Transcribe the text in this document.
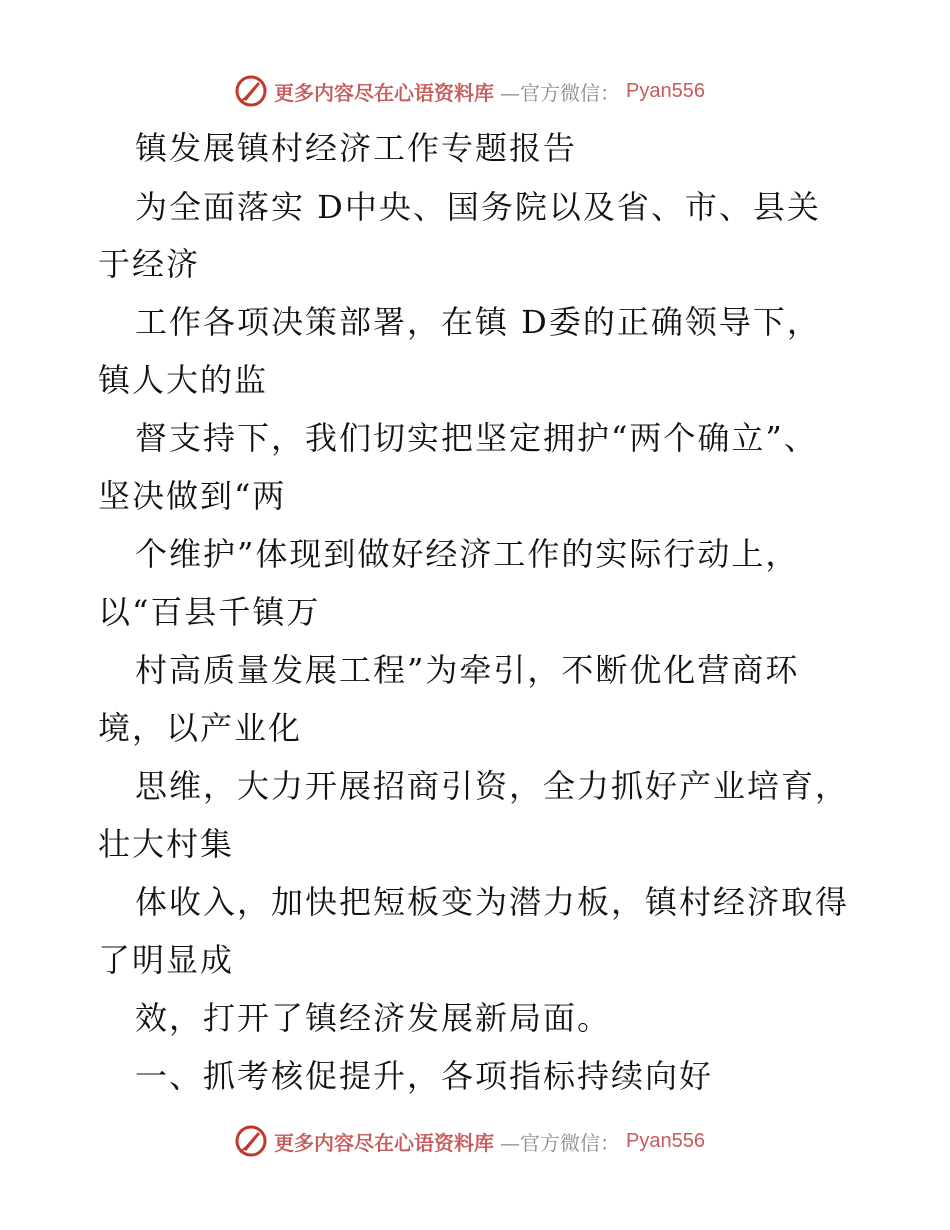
更多内容尽在心语资料库 —官方微信： Pyan556
镇发展镇村经济工作专题报告
为全面落实 D中央、国务院以及省、市、县关
于经济
工作各项决策部署，在镇 D委的正确领导下，
镇人大的监
督支持下，我们切实把坚定拥护“两个确立”、
坚决做到“两
个维护”体现到做好经济工作的实际行动上，
以“百县千镇万
村高质量发展工程”为牵引，不断优化营商环
境，以产业化
思维，大力开展招商引资，全力抓好产业培育，
壮大村集
体收入，加快把短板变为潜力板，镇村经济取得
了明显成
效，打开了镇经济发展新局面。
一、抓考核促提升，各项指标持续向好
更多内容尽在心语资料库 —官方微信： Pyan556
